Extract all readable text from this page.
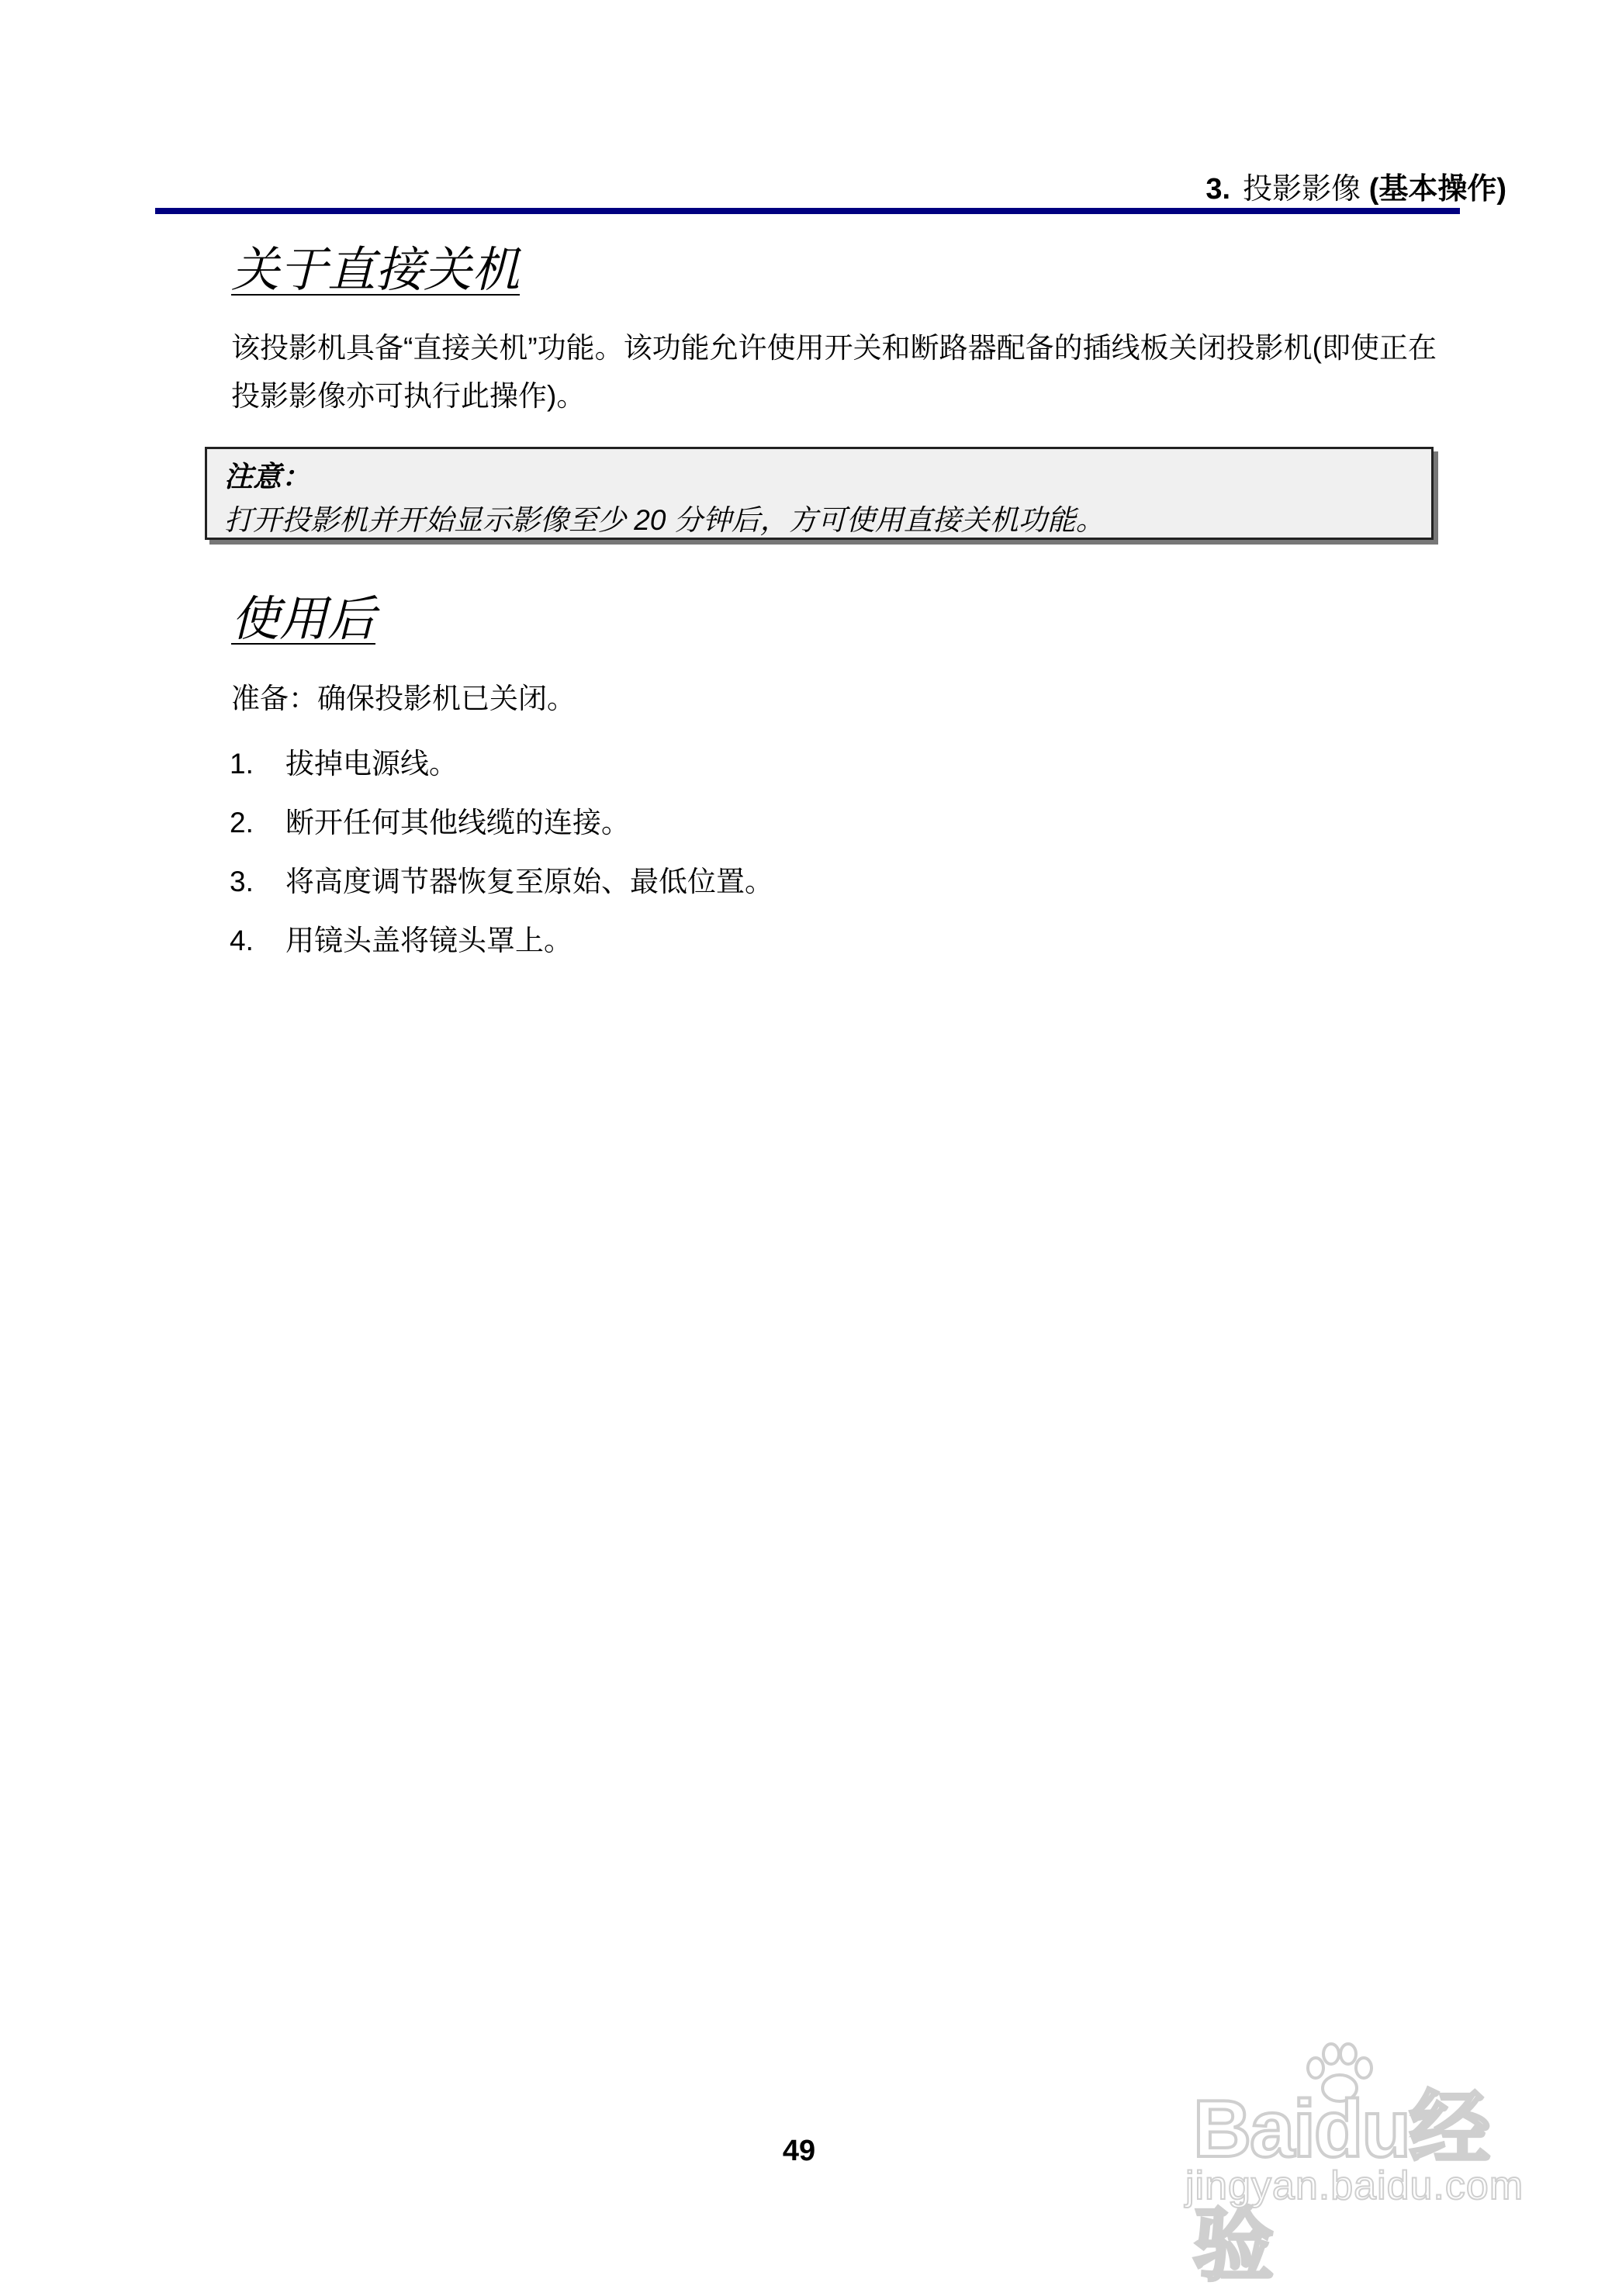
3. 投影影像 (基本操作)
关于直接关机
该投影机具备“直接关机”功能。该功能允许使用开关和断路器配备的插线板关闭投影机(即使正在投影影像亦可执行此操作)。
注意：
打开投影机并开始显示影像至少 20 分钟后，方可使用直接关机功能。
使用后
准备：确保投影机已关闭。
1. 拔掉电源线。
2. 断开任何其他线缆的连接。
3. 将高度调节器恢复至原始、最低位置。
4. 用镜头盖将镜头罩上。
49	Baidu经验
jingyan.baidu.com
